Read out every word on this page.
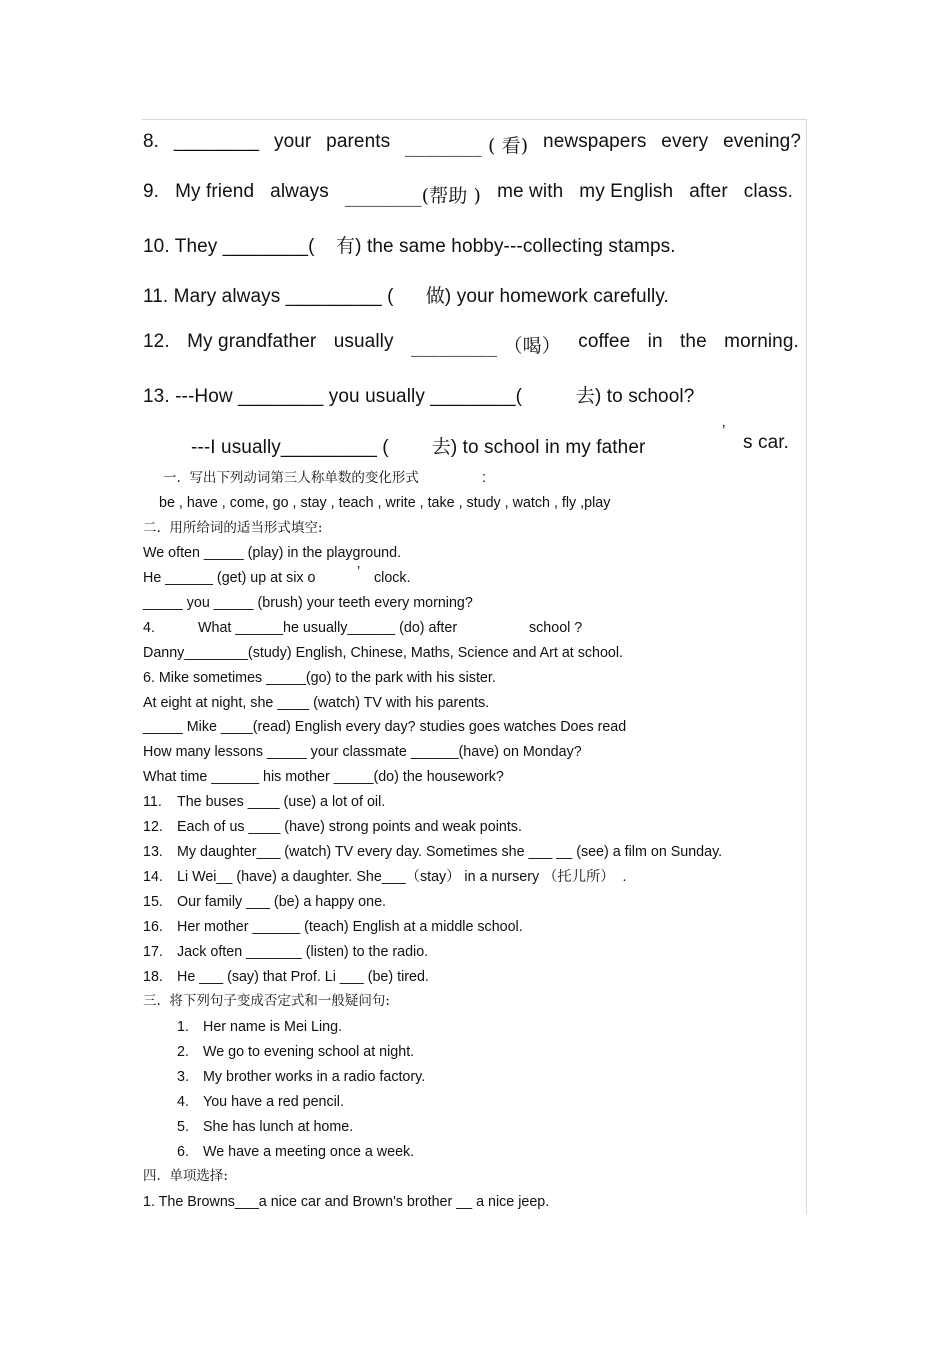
8. ________ your parents ________ ( 看) newspapers every evening?
9. My friend always ________(帮助 ) me with my English after class.
10. They ________(    有) the same hobby---collecting stamps.
11. Mary always _________ (      做) your homework carefully.
12. My grandfather usually _________ （喝） coffee in the morning.
13. ---How ________ you usually ________(          去) to school?
---I usually_________ (        去) to school in my father
’
s car.
一.  写出下列动词第三人称单数的变化形式	:
be , have , come, go , stay , teach , write , take , study , watch , fly ,play
二.  用所给词的适当形式填空:
We often _____ (play) in the playground.
He ______ (get) up at six o	’ clock.
_____ you _____ (brush) your teeth every morning?
4.	What ______he usually______ (do) after	school ?
Danny________(study) English, Chinese, Maths, Science and Art at school.
6. Mike sometimes _____(go) to the park with his sister.
At eight at night, she ____ (watch) TV with his parents.
_____ Mike ____(read) English every day? studies goes watches Does read
How many lessons _____ your classmate ______(have) on Monday?
What time ______ his mother _____(do) the housework?
11. The buses ____ (use) a lot of oil.
12. Each of us ____ (have) strong points and weak points.
13. My daughter___ (watch) TV every day. Sometimes she ___ __ (see) a film on Sunday.
14. Li Wei__ (have) a daughter. She___（stay） in a nursery （托儿所）  .
15. Our family ___ (be) a happy one.
16. Her mother ______ (teach) English at a middle school.
17. Jack often _______ (listen) to the radio.
18. He ___ (say) that Prof. Li ___ (be) tired.
三.  将下列句子变成否定式和一般疑问句:
1. Her name is Mei Ling.
2. We go to evening school at night.
3. My brother works in a radio factory.
4. You have a red pencil.
5. She has lunch at home.
6. We have a meeting once a week.
四.  单项选择:
1. The Browns___a nice car and Brown's brother __ a nice jeep.
